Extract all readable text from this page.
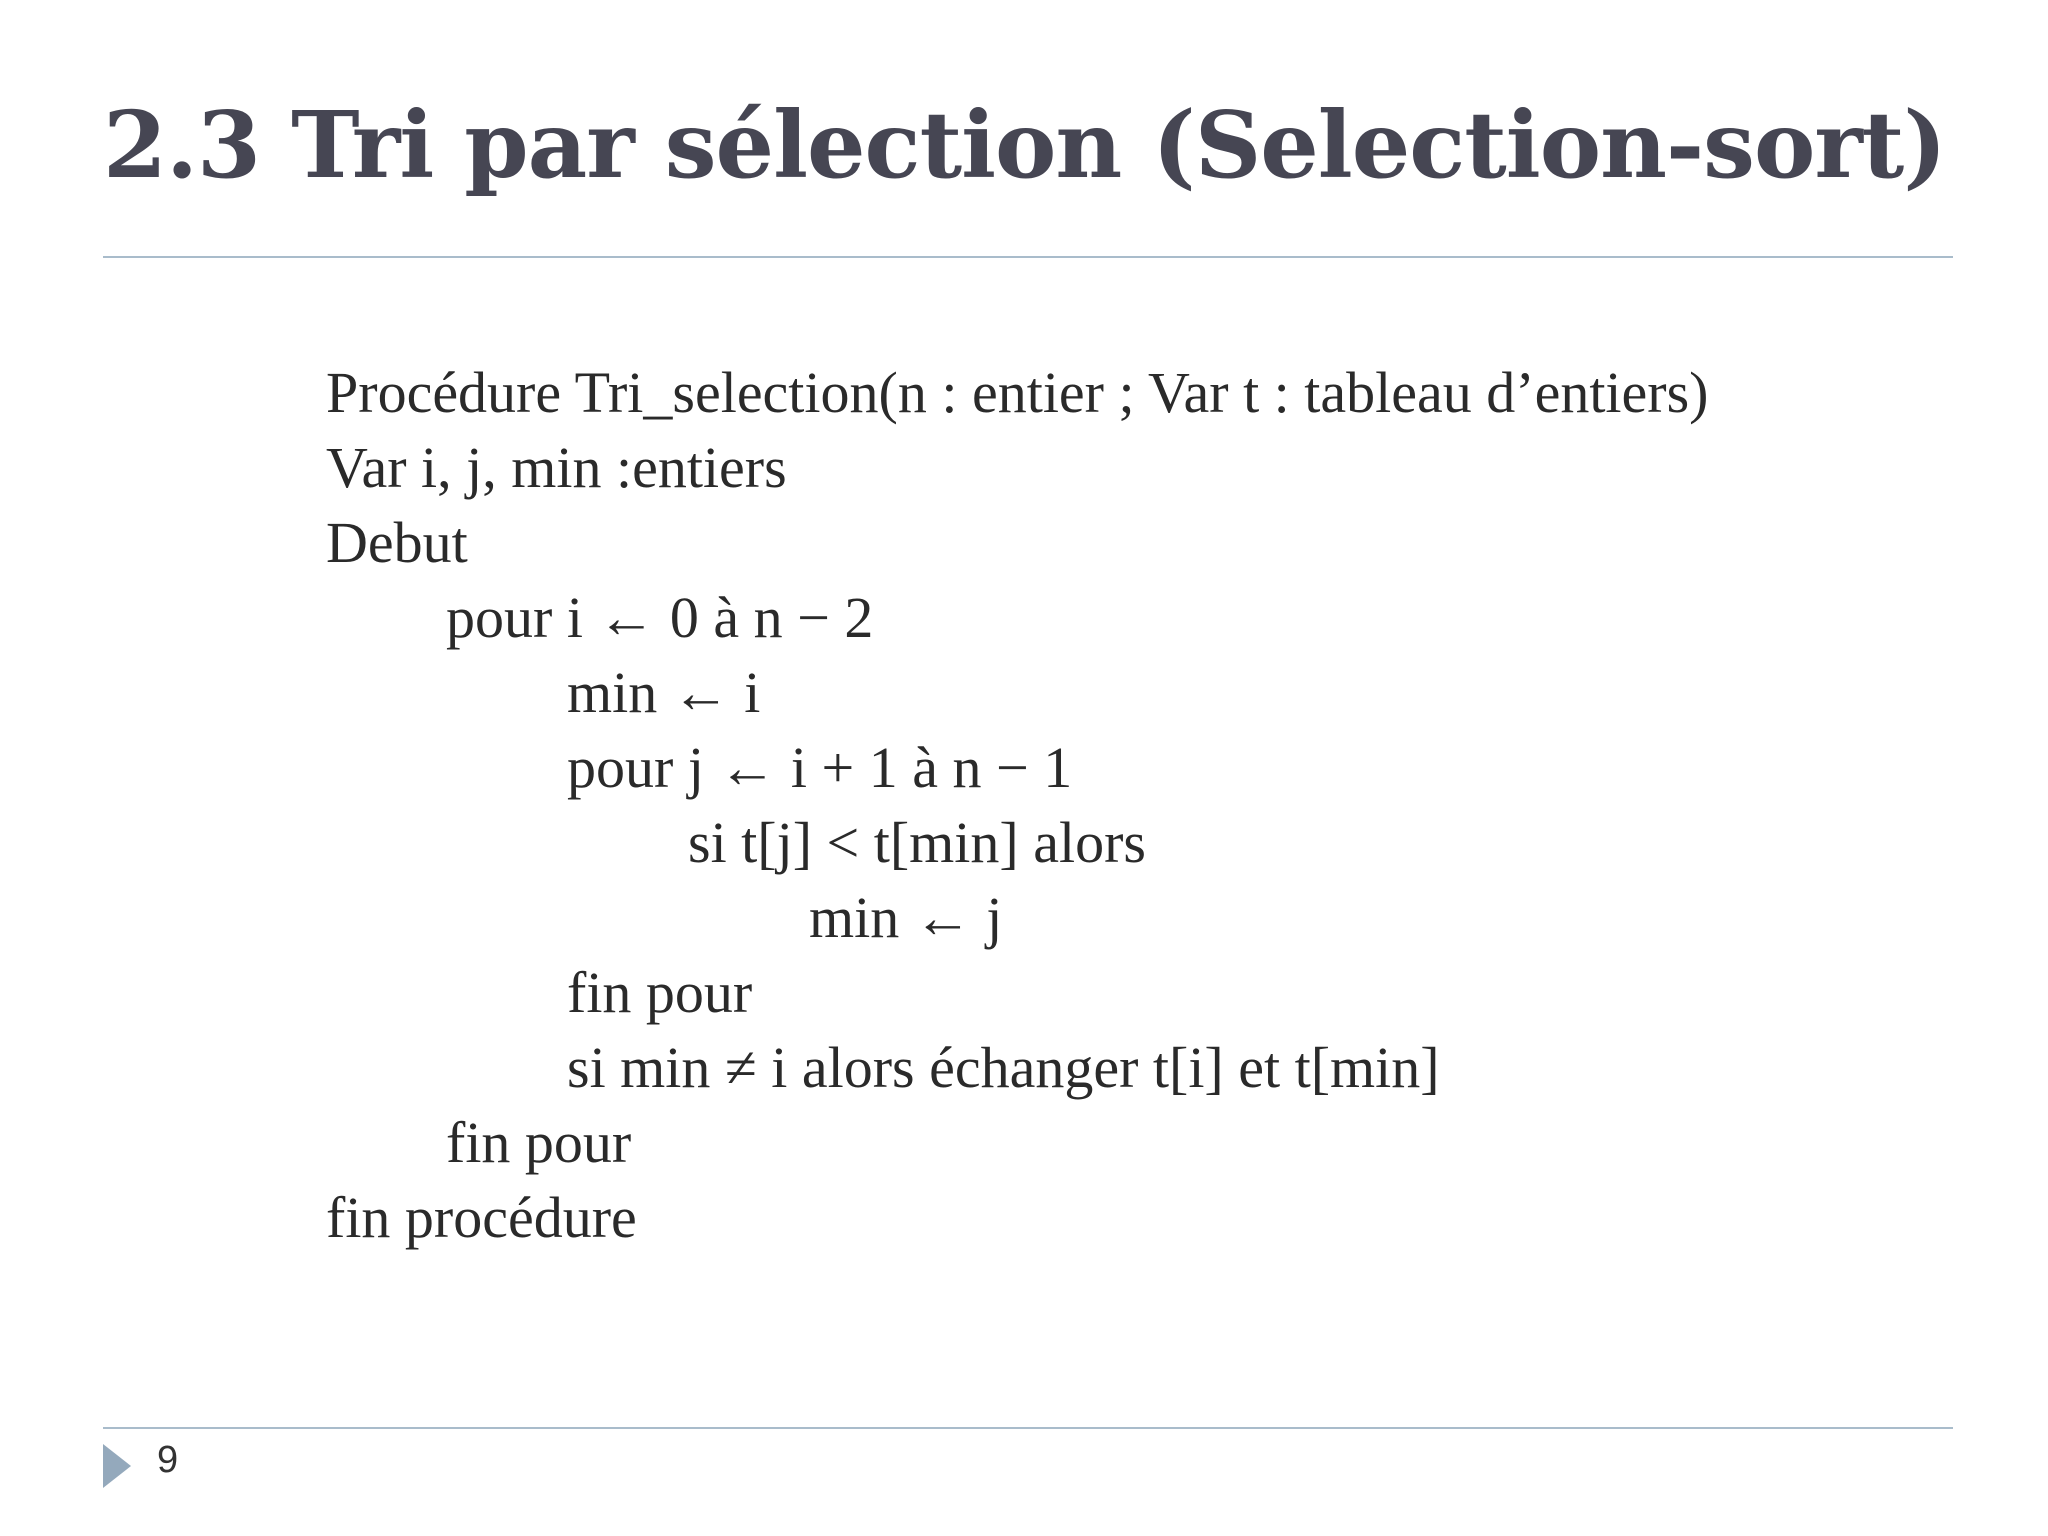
2.3 Tri par sélection (Selection-sort)
Procédure Tri_selection(n : entier ; Var t : tableau d’entiers)
Var i, j, min :entiers
Debut
pour i ← 0 à n − 2
min ← i
pour j ← i + 1 à n − 1
si t[j] < t[min] alors
min ← j
fin pour
si min ≠ i alors échanger t[i] et t[min]
fin pour
fin procédure
9
